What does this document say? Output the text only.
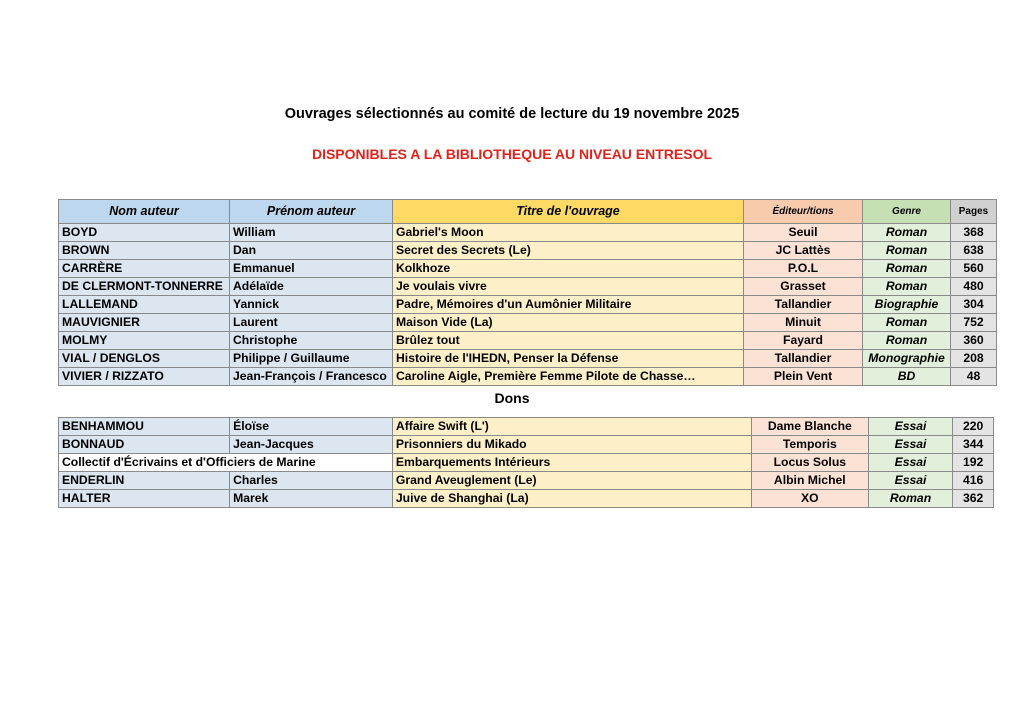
Ouvrages sélectionnés au comité de lecture du 19 novembre 2025
DISPONIBLES A LA BIBLIOTHEQUE AU NIVEAU ENTRESOL
Nom auteur	Prénom auteur	Titre de l'ouvrage	Éditeur/tions	Genre	Pages
BOYD	William	Gabriel's Moon	Seuil	Roman	368
BROWN	Dan	Secret des Secrets (Le)	JC Lattès	Roman	638
CARRÈRE	Emmanuel	Kolkhoze	P.O.L	Roman	560
DE CLERMONT-TONNERRE	Adélaïde	Je voulais vivre	Grasset	Roman	480
LALLEMAND	Yannick	Padre, Mémoires d'un Aumônier Militaire	Tallandier	Biographie	304
MAUVIGNIER	Laurent	Maison Vide (La)	Minuit	Roman	752
MOLMY	Christophe	Brûlez tout	Fayard	Roman	360
VIAL / DENGLOS	Philippe / Guillaume	Histoire de l'IHEDN, Penser la Défense	Tallandier	Monographie	208
VIVIER / RIZZATO	Jean-François / Francesco	Caroline Aigle, Première Femme Pilote de Chasse…	Plein Vent	BD	48
Dons
BENHAMMOU	Éloïse	Affaire Swift (L')	Dame Blanche	Essai	220
BONNAUD	Jean-Jacques	Prisonniers du Mikado	Temporis	Essai	344
Collectif d'Écrivains et d'Officiers de Marine		Embarquements Intérieurs	Locus Solus	Essai	192
ENDERLIN	Charles	Grand Aveuglement (Le)	Albin Michel	Essai	416
HALTER	Marek	Juive de Shanghai (La)	XO	Roman	362
